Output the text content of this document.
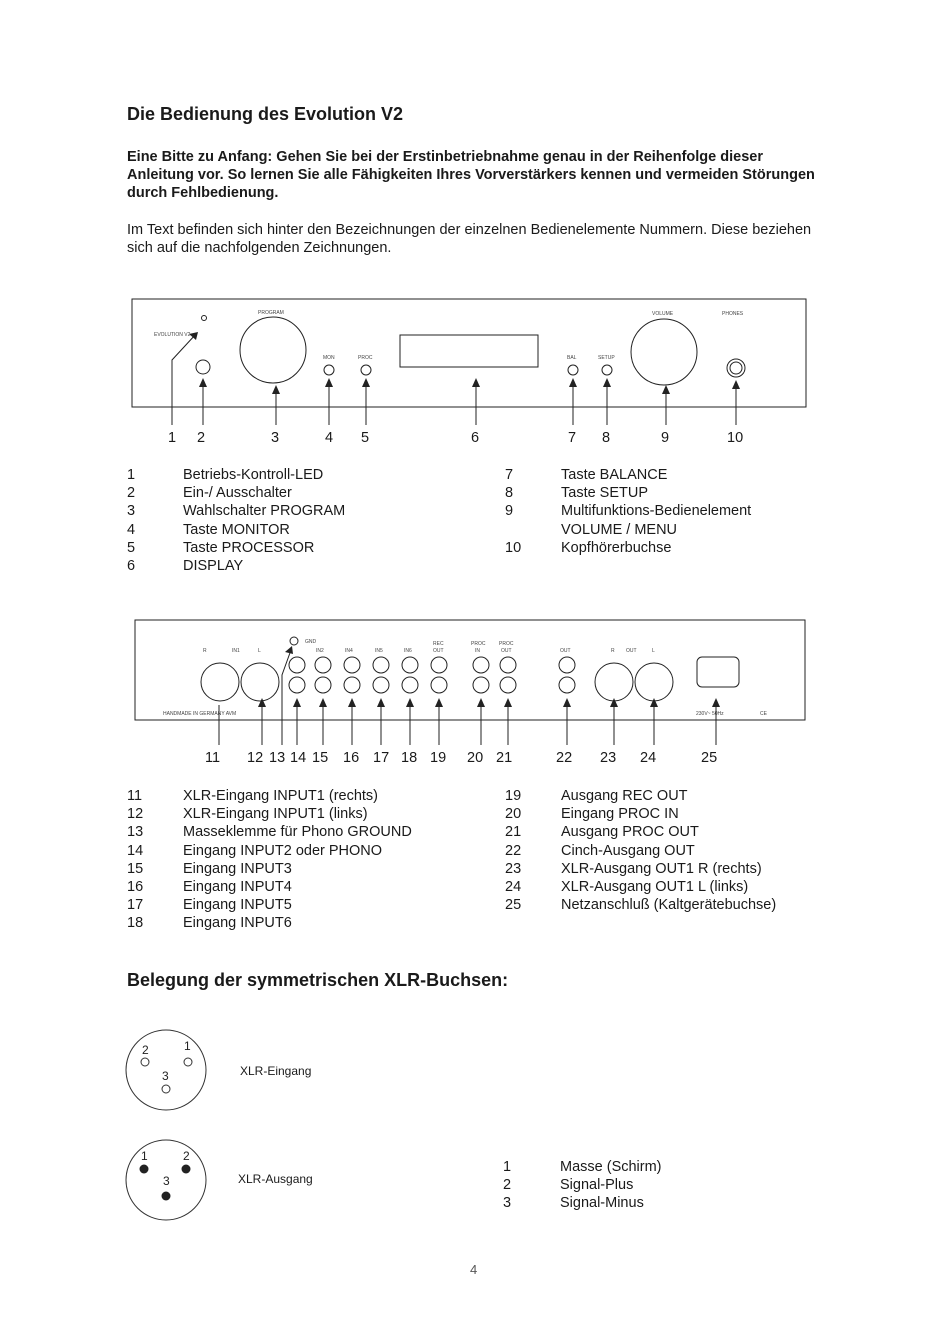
Die Bedienung des Evolution V2

Eine Bitte zu Anfang: Gehen Sie bei der Erstinbetriebnahme genau in der Reihenfolge dieser Anleitung vor. So lernen Sie alle Fähigkeiten Ihres Vorverstärkers kennen und vermeiden Störungen durch Fehlbedienung.

Im Text befinden sich hinter den Bezeichnungen der einzelnen Bedienelemente Nummern. Diese beziehen sich auf die nachfolgenden Zeichnungen.

EVOLUTION V2
PROGRAM
MON	PROC	BAL	SETUP
VOLUME	PHONES
1 2	3	4 5	6	7 8	9	10
1	Betriebs-Kontroll-LED
2	Ein-/ Ausschalter
3	Wahlschalter PROGRAM
4	Taste MONITOR
5	Taste PROCESSOR
6	DISPLAY
7	Taste BALANCE
8	Taste SETUP
9	Multifunktions-Bedienelement
VOLUME / MENU
10	Kopfhörerbuchse
R	IN1	L
GND
IN2	IN4	IN5	IN6
REC
OUT
PROC
IN
PROC
OUT	OUT	R OUT	L
HANDMADE IN GERMANY AVM	230V~ 50Hz	CE
11 12 13 14 15 16 17 18 19 20 21	22 23 24	25
11	XLR-Eingang INPUT1 (rechts)
12	XLR-Eingang INPUT1 (links)
13	Masseklemme für Phono GROUND
14	Eingang INPUT2 oder PHONO
15	Eingang INPUT3
16	Eingang INPUT4
17	Eingang INPUT5
18	Eingang INPUT6
19	Ausgang REC OUT
20	Eingang PROC IN
21	Ausgang PROC OUT
22	Cinch-Ausgang OUT
23	XLR-Ausgang OUT1 R (rechts)
24	XLR-Ausgang OUT1 L (links)
25	Netzanschluß (Kaltgerätebuchse)
Belegung der symmetrischen XLR-Buchsen:
2	1
3
1	2
3
XLR-Eingang
XLR-Ausgang
1	Masse (Schirm)
2	Signal-Plus
3	Signal-Minus
4
